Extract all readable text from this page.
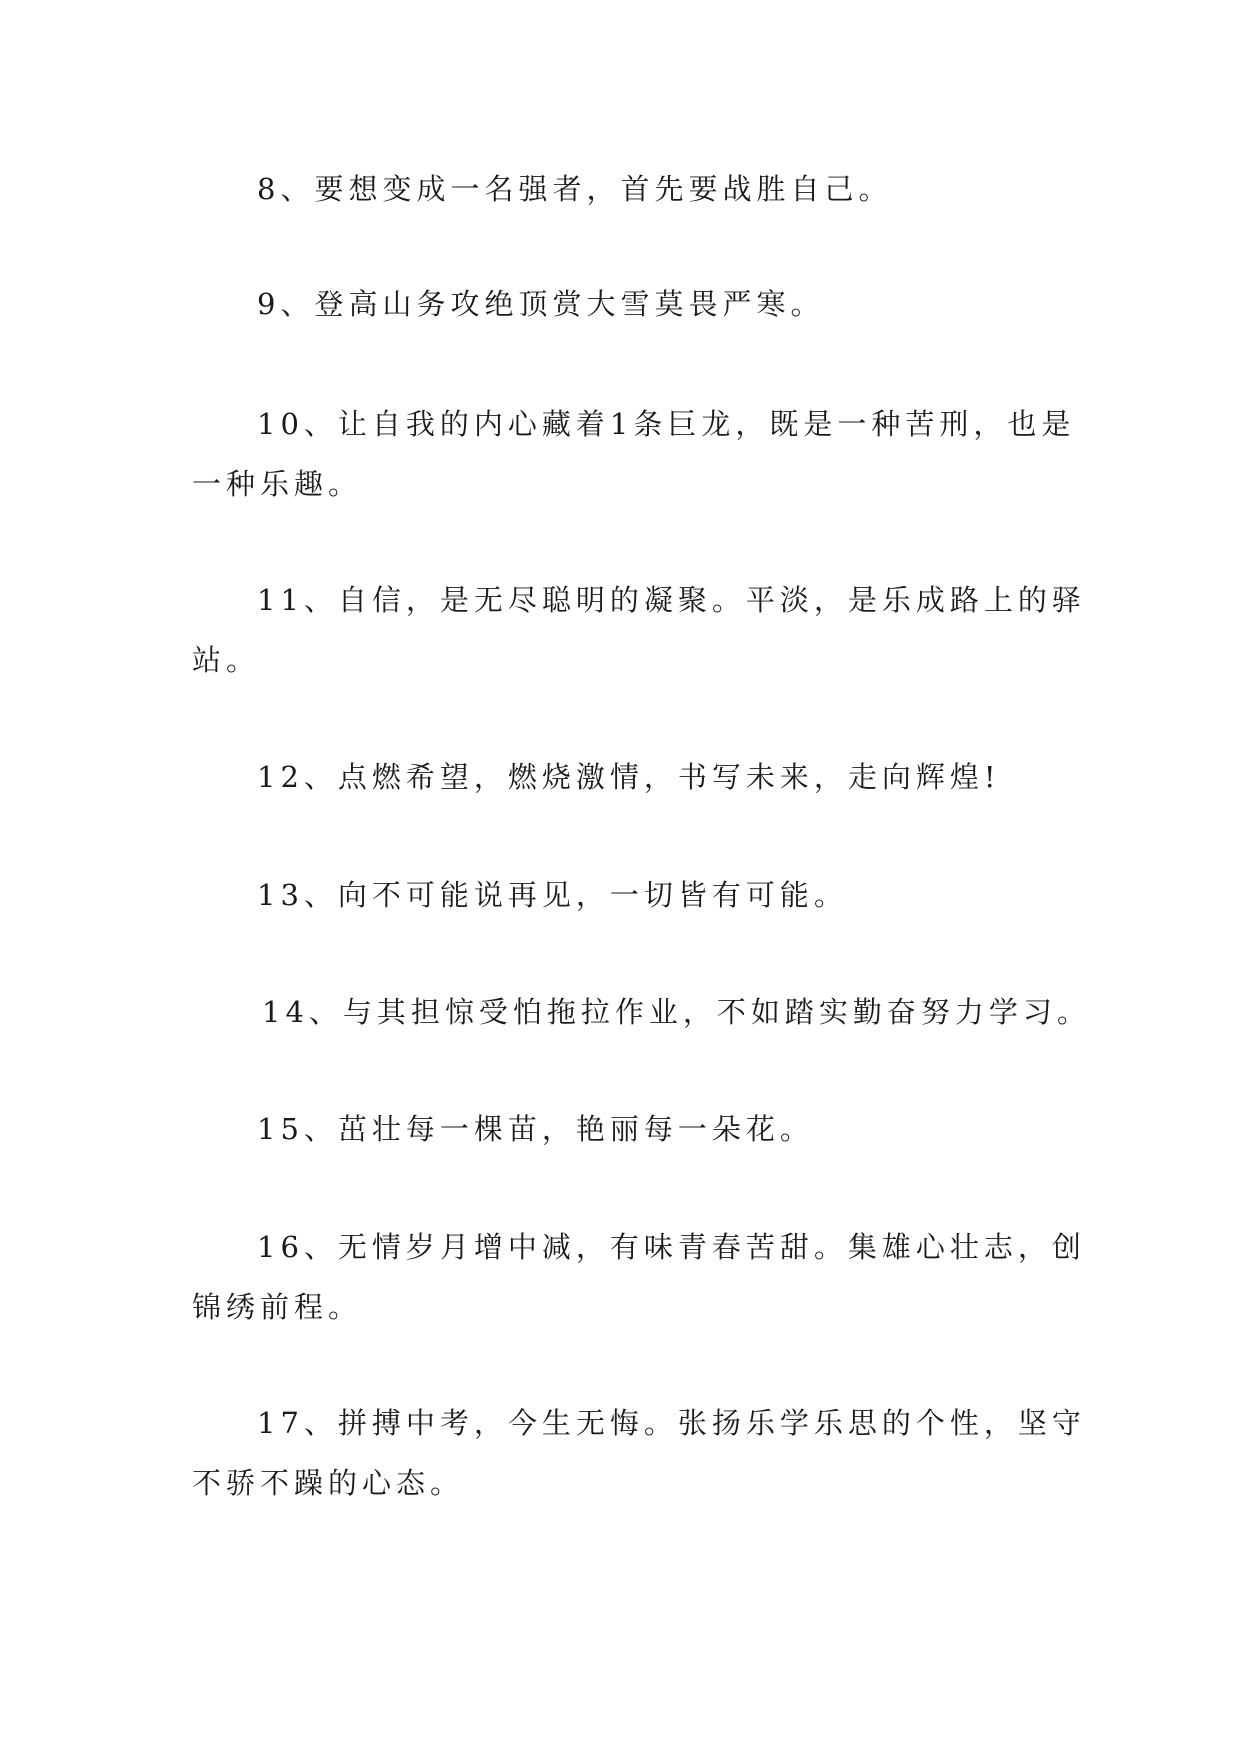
8、要想变成一名强者，首先要战胜自己。
9、登高山务攻绝顶赏大雪莫畏严寒。
10、让自我的内心藏着1条巨龙，既是一种苦刑，也是
一种乐趣。
11、自信，是无尽聪明的凝聚。平淡，是乐成路上的驿
站。
12、点燃希望，燃烧激情，书写未来，走向辉煌!
13、向不可能说再见，一切皆有可能。
14、与其担惊受怕拖拉作业，不如踏实勤奋努力学习。
15、茁壮每一棵苗，艳丽每一朵花。
16、无情岁月增中减，有味青春苦甜。集雄心壮志，创
锦绣前程。
17、拼搏中考，今生无悔。张扬乐学乐思的个性，坚守
不骄不躁的心态。
